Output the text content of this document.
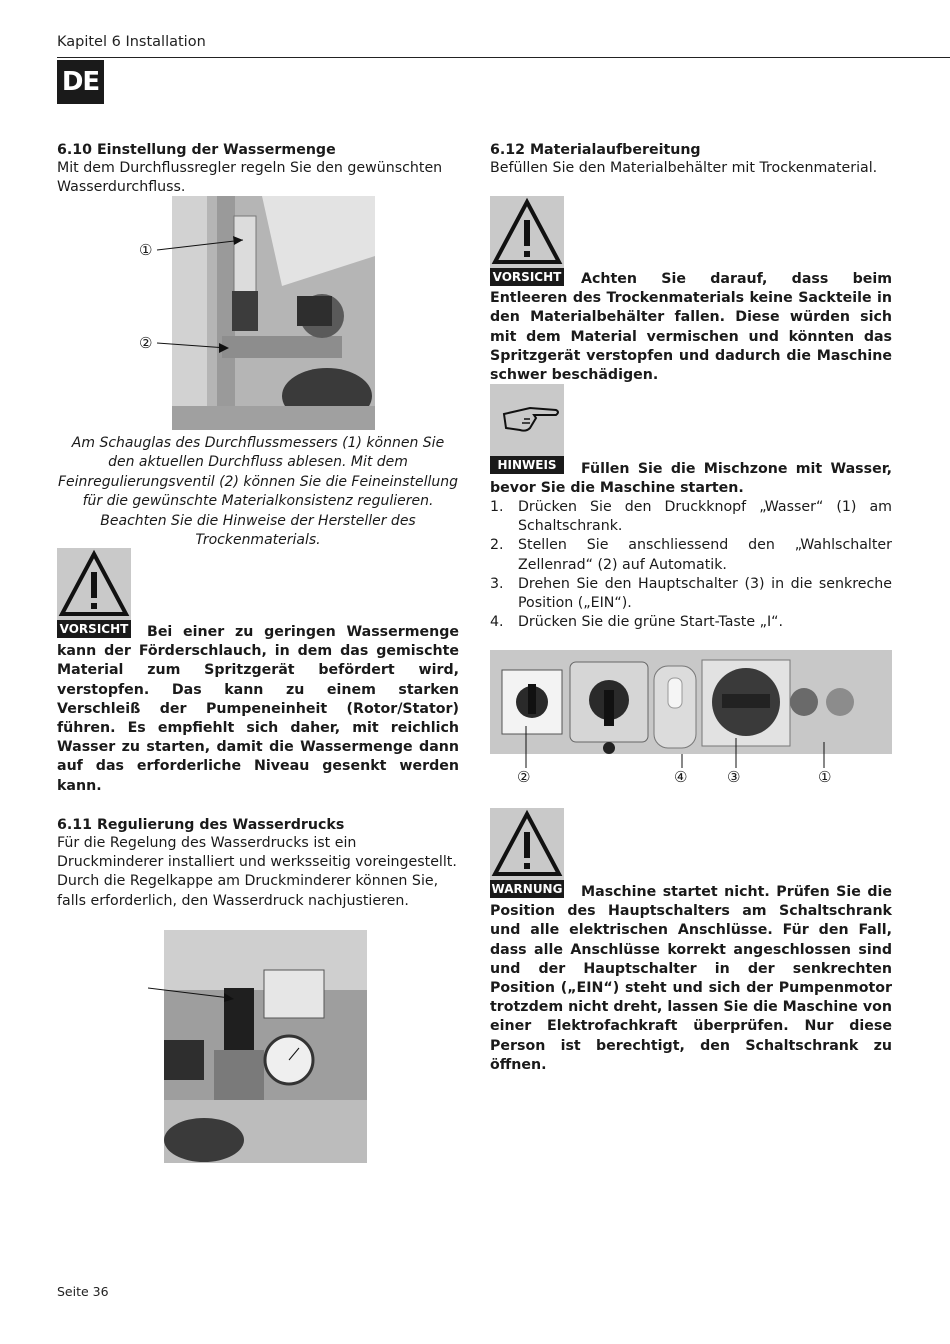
Kapitel 6 Installation
DE
6.10 Einstellung der Wassermenge
Mit dem Durchflussregler regeln Sie den gewünschten Wasserdurchfluss.
①
②
Am Schauglas des Durchflussmessers (1) können Sie den aktuellen Durchfluss ablesen. Mit dem Feinregulierungsventil (2) können Sie die Feineinstellung für die gewünschte Materialkonsistenz regulieren. Beachten Sie die Hinweise der Hersteller des Trockenmaterials.
VORSICHT	Bei einer zu geringen Wassermenge kann der Förderschlauch, in dem das gemischte Material zum Spritzgerät befördert wird, verstopfen. Das kann zu einem starken Verschleiß der Pumpeneinheit (Rotor/Stator) führen. Es empfiehlt sich daher, mit reichlich Wasser zu starten, damit die Wassermenge dann auf das erforderliche Niveau gesenkt werden kann.
6.11 Regulierung des Wasserdrucks
Für die Regelung des Wasserdrucks ist ein Druckminderer installiert und werksseitig voreingestellt. Durch die Regelkappe am Druckminderer können Sie, falls erforderlich, den Wasserdruck nachjustieren.
6.12 Materialaufbereitung
Befüllen Sie den Materialbehälter mit Trockenmaterial.
VORSICHT	Achten Sie darauf, dass beim Entleeren des Trockenmaterials keine Sackteile in den Materialbehälter fallen. Diese würden sich mit dem Material vermischen und könnten das Spritzgerät verstopfen und dadurch die Maschine schwer beschädigen.
HINWEIS	Füllen Sie die Mischzone mit Wasser, bevor Sie die Maschine starten.
1. Drücken Sie den Druckknopf „Wasser“ (1) am Schaltschrank.
2. Stellen Sie anschliessend den „Wahlschalter Zellenrad“ (2) auf Automatik.
3. Drehen Sie den Hauptschalter (3) in die senkreche Position („EIN“).
4. Drücken Sie die grüne Start-Taste „I“.
②	④	③	①
WARNUNG	Maschine startet nicht. Prüfen Sie die Position des Hauptschalters am Schaltschrank und alle elektrischen Anschlüsse. Für den Fall, dass alle Anschlüsse korrekt angeschlossen sind und der Hauptschalter in der senkrechten Position („EIN“) steht und sich der Pumpenmotor trotzdem nicht dreht, lassen Sie die Maschine von einer Elektrofachkraft überprüfen. Nur diese Person ist berechtigt, den Schaltschrank zu öffnen.
Seite 36
